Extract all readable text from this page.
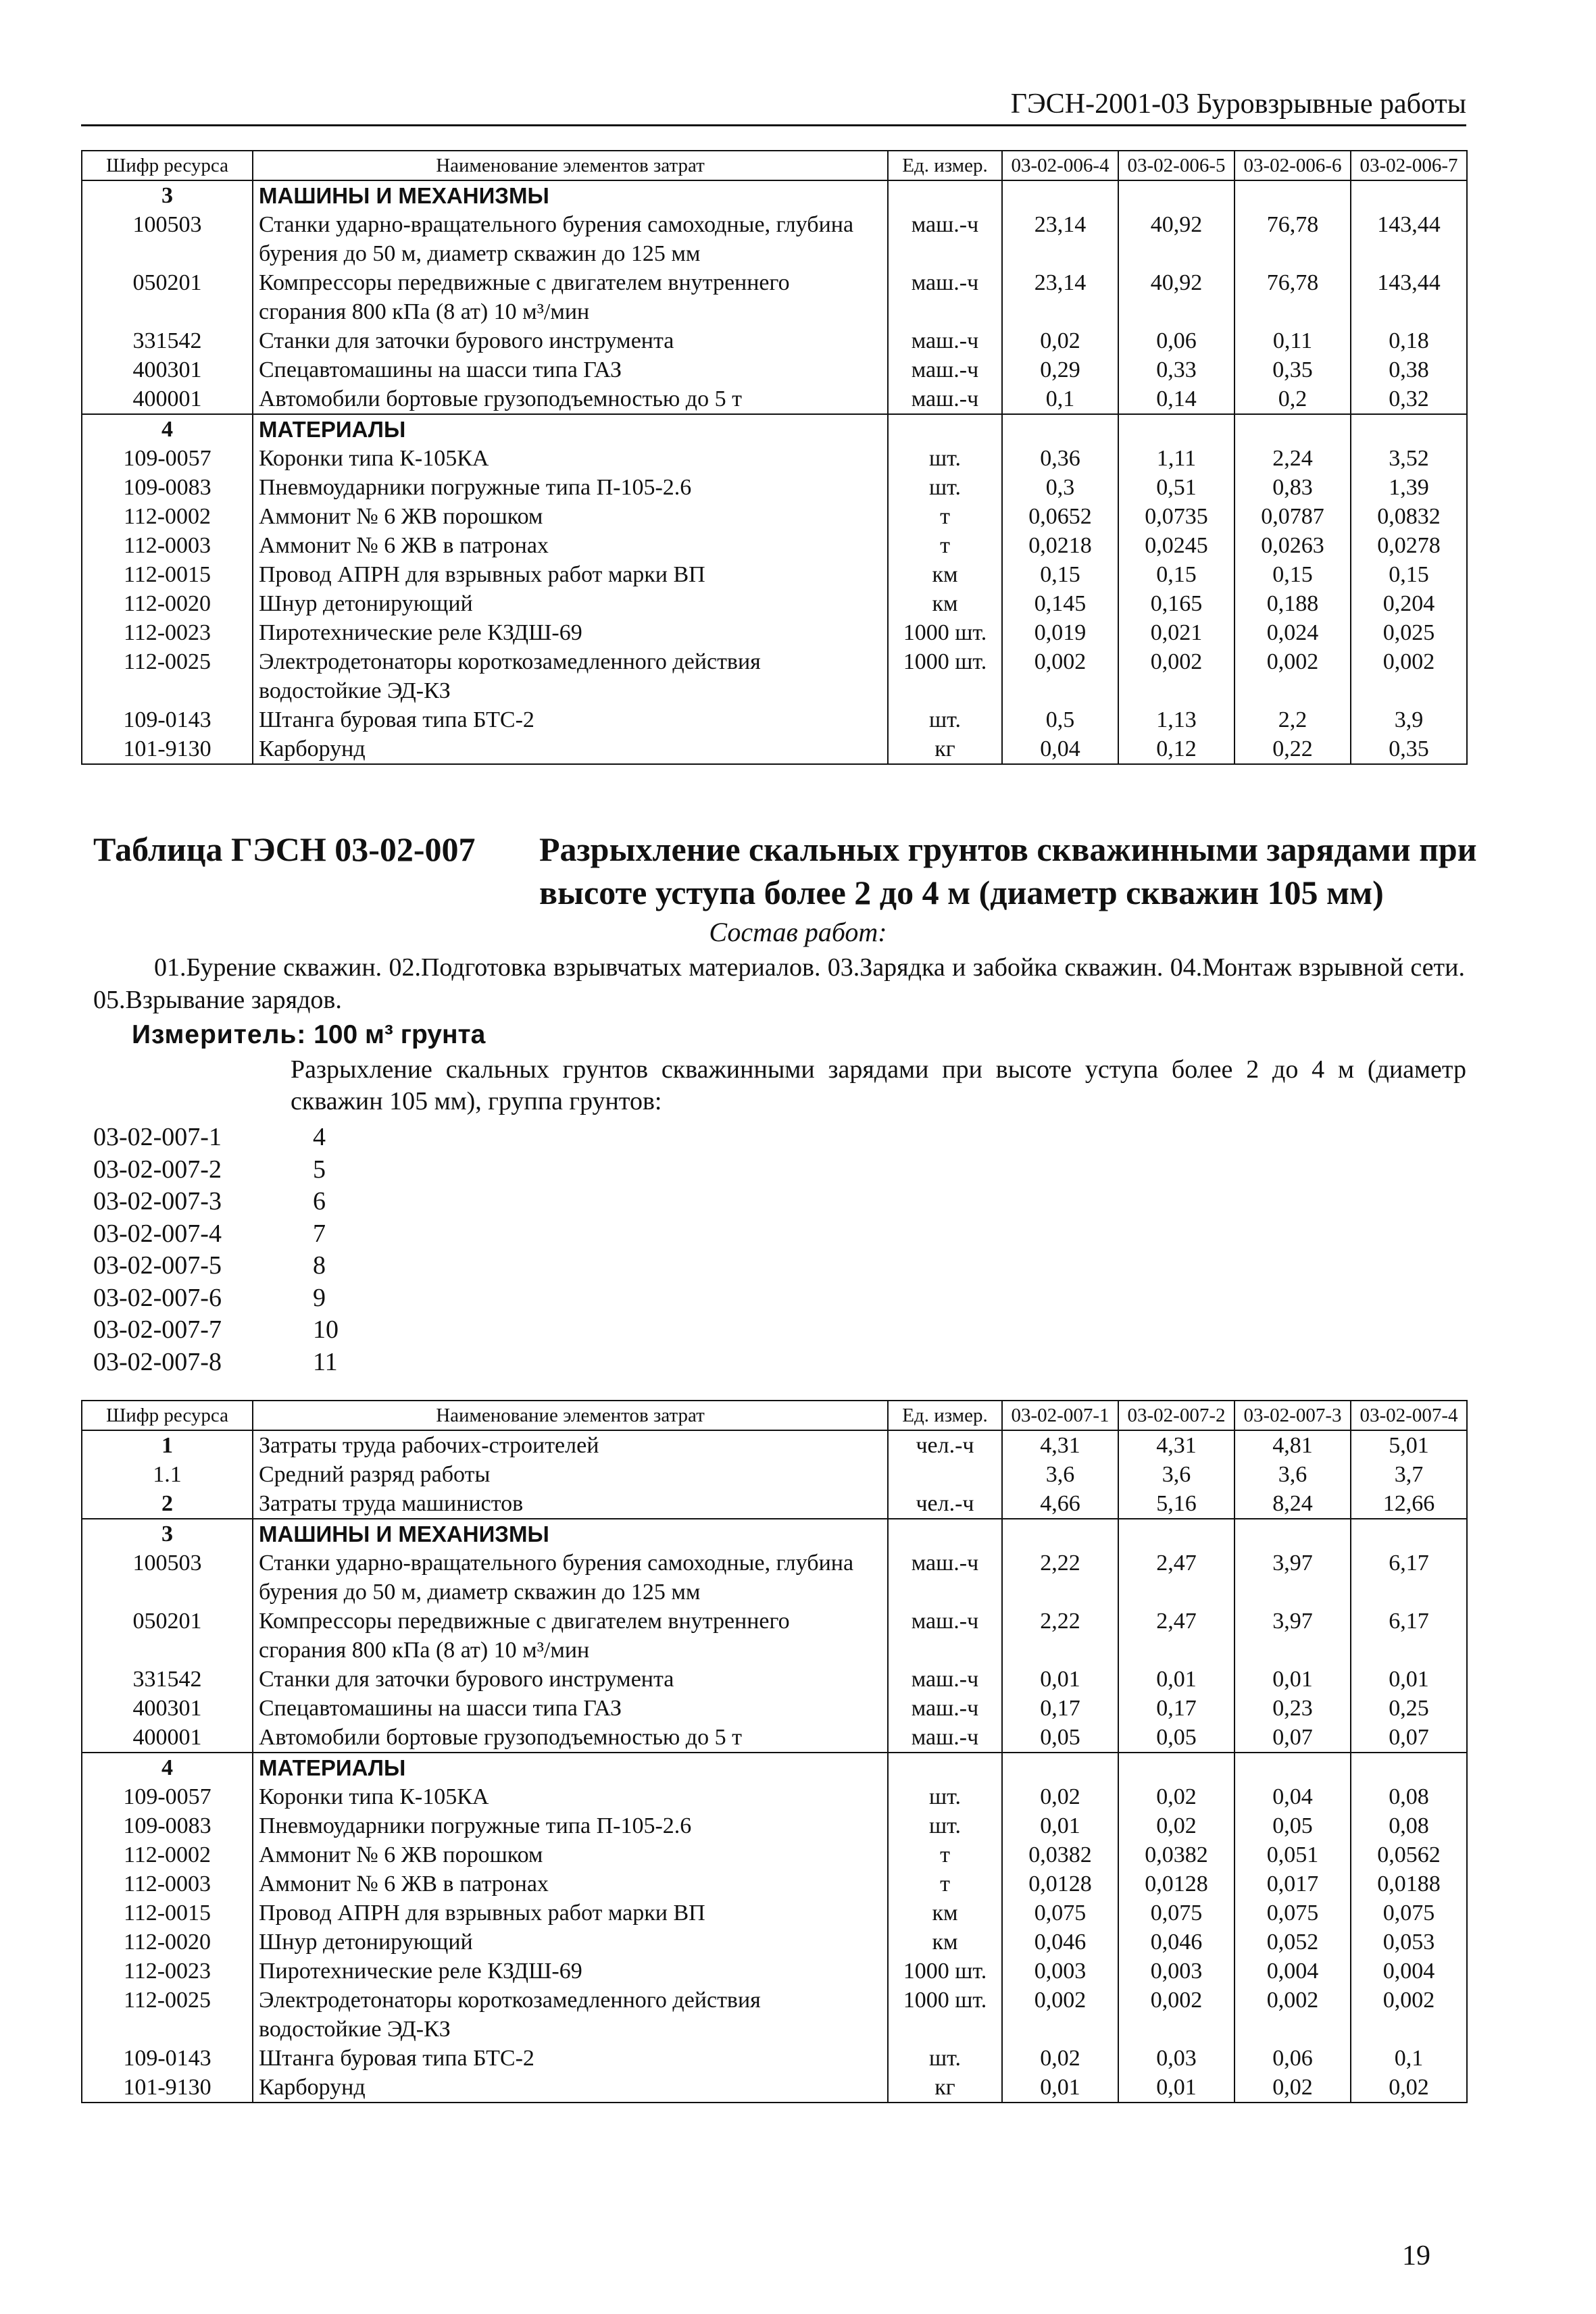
ГЭСН-2001-03 Буровзрывные работы
Шифр ресурса	Наименование элементов затрат	Ед. измер.	03-02-006-4	03-02-006-5	03-02-006-6	03-02-006-7
3	МАШИНЫ И МЕХАНИЗМЫ					
100503	Станки ударно-вращательного бурения самоходные, глубина бурения до 50 м, диаметр скважин до 125 мм	маш.-ч	23,14	40,92	76,78	143,44
050201	Компрессоры передвижные с двигателем внутреннего сгорания 800 кПа (8 ат) 10 м³/мин	маш.-ч	23,14	40,92	76,78	143,44
331542	Станки для заточки бурового инструмента	маш.-ч	0,02	0,06	0,11	0,18
400301	Спецавтомашины на шасси типа ГАЗ	маш.-ч	0,29	0,33	0,35	0,38
400001	Автомобили бортовые грузоподъемностью до 5 т	маш.-ч	0,1	0,14	0,2	0,32
4	МАТЕРИАЛЫ					
109-0057	Коронки типа К-105КА	шт.	0,36	1,11	2,24	3,52
109-0083	Пневмоударники погружные типа П-105-2.6	шт.	0,3	0,51	0,83	1,39
112-0002	Аммонит № 6 ЖВ порошком	т	0,0652	0,0735	0,0787	0,0832
112-0003	Аммонит № 6 ЖВ в патронах	т	0,0218	0,0245	0,0263	0,0278
112-0015	Провод АПРН для взрывных работ марки ВП	км	0,15	0,15	0,15	0,15
112-0020	Шнур детонирующий	км	0,145	0,165	0,188	0,204
112-0023	Пиротехнические реле КЗДШ-69	1000 шт.	0,019	0,021	0,024	0,025
112-0025	Электродетонаторы короткозамедленного действия водостойкие ЭД-КЗ	1000 шт.	0,002	0,002	0,002	0,002
109-0143	Штанга буровая типа БТС-2	шт.	0,5	1,13	2,2	3,9
101-9130	Карборунд	кг	0,04	0,12	0,22	0,35
Таблица ГЭСН 03-02-007 Разрыхление скальных грунтов скважинными зарядами при высоте уступа более 2 до 4 м (диаметр скважин 105 мм)
Состав работ:
01.Бурение скважин. 02.Подготовка взрывчатых материалов. 03.Зарядка и забойка скважин. 04.Монтаж взрывной сети. 05.Взрывание зарядов.
Измеритель: 100 м³ грунта
Разрыхление скальных грунтов скважинными зарядами при высоте уступа более 2 до 4 м (диаметр скважин 105 мм), группа грунтов:
03-02-007-1	4
03-02-007-2	5
03-02-007-3	6
03-02-007-4	7
03-02-007-5	8
03-02-007-6	9
03-02-007-7	10
03-02-007-8	11
Шифр ресурса	Наименование элементов затрат	Ед. измер.	03-02-007-1	03-02-007-2	03-02-007-3	03-02-007-4
1	Затраты труда рабочих-строителей	чел.-ч	4,31	4,31	4,81	5,01
1.1	Средний разряд работы		3,6	3,6	3,6	3,7
2	Затраты труда машинистов	чел.-ч	4,66	5,16	8,24	12,66
3	МАШИНЫ И МЕХАНИЗМЫ					
100503	Станки ударно-вращательного бурения самоходные, глубина бурения до 50 м, диаметр скважин до 125 мм	маш.-ч	2,22	2,47	3,97	6,17
050201	Компрессоры передвижные с двигателем внутреннего сгорания 800 кПа (8 ат) 10 м³/мин	маш.-ч	2,22	2,47	3,97	6,17
331542	Станки для заточки бурового инструмента	маш.-ч	0,01	0,01	0,01	0,01
400301	Спецавтомашины на шасси типа ГАЗ	маш.-ч	0,17	0,17	0,23	0,25
400001	Автомобили бортовые грузоподъемностью до 5 т	маш.-ч	0,05	0,05	0,07	0,07
4	МАТЕРИАЛЫ					
109-0057	Коронки типа К-105КА	шт.	0,02	0,02	0,04	0,08
109-0083	Пневмоударники погружные типа П-105-2.6	шт.	0,01	0,02	0,05	0,08
112-0002	Аммонит № 6 ЖВ порошком	т	0,0382	0,0382	0,051	0,0562
112-0003	Аммонит № 6 ЖВ в патронах	т	0,0128	0,0128	0,017	0,0188
112-0015	Провод АПРН для взрывных работ марки ВП	км	0,075	0,075	0,075	0,075
112-0020	Шнур детонирующий	км	0,046	0,046	0,052	0,053
112-0023	Пиротехнические реле КЗДШ-69	1000 шт.	0,003	0,003	0,004	0,004
112-0025	Электродетонаторы короткозамедленного действия водостойкие ЭД-КЗ	1000 шт.	0,002	0,002	0,002	0,002
109-0143	Штанга буровая типа БТС-2	шт.	0,02	0,03	0,06	0,1
101-9130	Карборунд	кг	0,01	0,01	0,02	0,02
19
